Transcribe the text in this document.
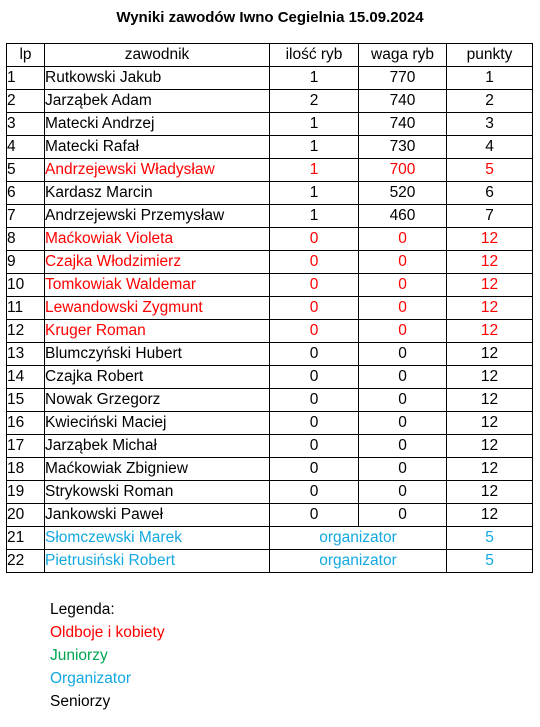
Wyniki zawodów Iwno Cegielnia 15.09.2024
lp	zawodnik	ilość ryb	waga ryb	punkty
1	Rutkowski Jakub	1	770	1
2	Jarząbek Adam	2	740	2
3	Matecki Andrzej	1	740	3
4	Matecki Rafał	1	730	4
5	Andrzejewski Władysław	1	700	5
6	Kardasz Marcin	1	520	6
7	Andrzejewski Przemysław	1	460	7
8	Maćkowiak Violeta	0	0	12
9	Czajka Włodzimierz	0	0	12
10	Tomkowiak Waldemar	0	0	12
11	Lewandowski Zygmunt	0	0	12
12	Kruger Roman	0	0	12
13	Blumczyński Hubert	0	0	12
14	Czajka Robert	0	0	12
15	Nowak Grzegorz	0	0	12
16	Kwieciński Maciej	0	0	12
17	Jarząbek Michał	0	0	12
18	Maćkowiak Zbigniew	0	0	12
19	Strykowski Roman	0	0	12
20	Jankowski Paweł	0	0	12
21	Słomczewski Marek	organizator		5
22	Pietrusiński Robert	organizator		5
Legenda:
Oldboje i kobiety
Juniorzy
Organizator
Seniorzy
